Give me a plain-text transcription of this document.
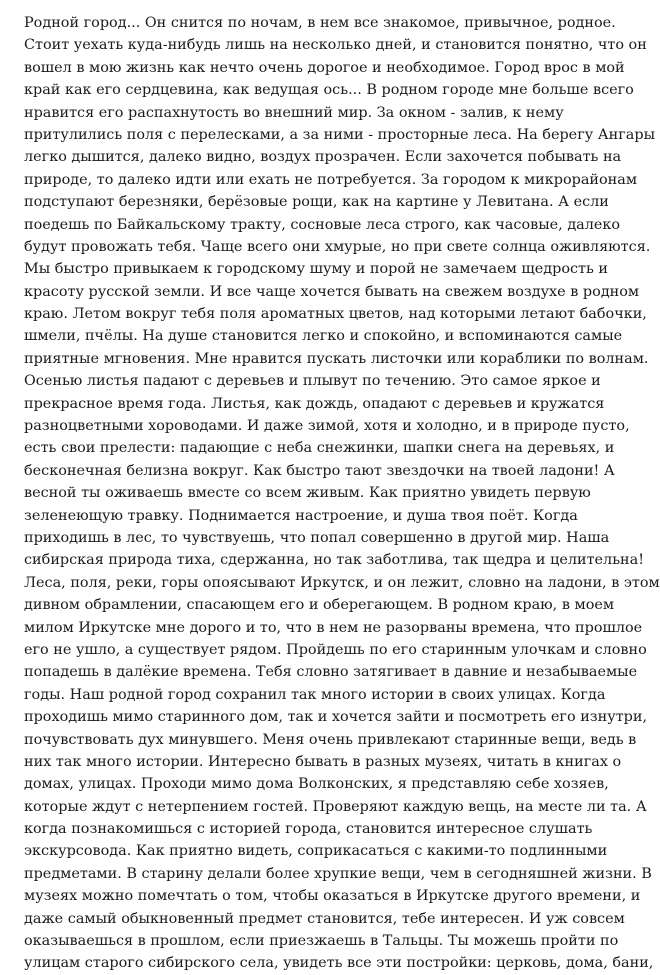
Родной город... Он снится по ночам, в нем все знакомое, привычное, родное.
Стоит уехать куда-нибудь лишь на несколько дней, и становится понятно, что он
вошел в мою жизнь как нечто очень дорогое и необходимое. Город врос в мой
край как его сердцевина, как ведущая ось... В родном городе мне больше всего
нравится его распахнутость во внешний мир. За окном - залив, к нему
притулились поля с перелесками, а за ними - просторные леса. На берегу Ангары
легко дышится, далеко видно, воздух прозрачен. Если захочется побывать на
природе, то далеко идти или ехать не потребуется. За городом к микрорайонам
подступают березняки, берёзовые рощи, как на картине у Левитана. А если
поедешь по Байкальскому тракту, сосновые леса строго, как часовые, далеко
будут провожать тебя. Чаще всего они хмурые, но при свете солнца оживляются.
Мы быстро привыкаем к городскому шуму и порой не замечаем щедрость и
красоту русской земли. И все чаще хочется бывать на свежем воздухе в родном
краю. Летом вокруг тебя поля ароматных цветов, над которыми летают бабочки,
шмели, пчёлы. На душе становится легко и спокойно, и вспоминаются самые
приятные мгновения. Мне нравится пускать листочки или кораблики по волнам.
Осенью листья падают с деревьев и плывут по течению. Это самое яркое и
прекрасное время года. Листья, как дождь, опадают с деревьев и кружатся
разноцветными хороводами. И даже зимой, хотя и холодно, и в природе пусто,
есть свои прелести: падающие с неба снежинки, шапки снега на деревьях, и
бесконечная белизна вокруг. Как быстро тают звездочки на твоей ладони! А
весной ты оживаешь вместе со всем живым. Как приятно увидеть первую
зеленеющую травку. Поднимается настроение, и душа твоя поёт. Когда
приходишь в лес, то чувствуешь, что попал совершенно в другой мир. Наша
сибирская природа тиха, сдержанна, но так заботлива, так щедра и целительна!
Леса, поля, реки, горы опоясывают Иркутск, и он лежит, словно на ладони, в этом
дивном обрамлении, спасающем его и оберегающем. В родном краю, в моем
милом Иркутске мне дорого и то, что в нем не разорваны времена, что прошлое
его не ушло, а существует рядом. Пройдешь по его старинным улочкам и словно
попадешь в далёкие времена. Тебя словно затягивает в давние и незабываемые
годы. Наш родной город сохранил так много истории в своих улицах. Когда
проходишь мимо старинного дом, так и хочется зайти и посмотреть его изнутри,
почувствовать дух минувшего. Меня очень привлекают старинные вещи, ведь в
них так много истории. Интересно бывать в разных музеях, читать в книгах о
домах, улицах. Проходи мимо дома Волконских, я представляю себе хозяев,
которые ждут с нетерпением гостей. Проверяют каждую вещь, на месте ли та. А
когда познакомишься с историей города, становится интересное слушать
экскурсовода. Как приятно видеть, соприкасаться с какими-то подлинными
предметами. В старину делали более хрупкие вещи, чем в сегодняшней жизни. В
музеях можно помечтать о том, чтобы оказаться в Иркутске другого времени, и
даже самый обыкновенный предмет становится, тебе интересен. И уж совсем
оказываешься в прошлом, если приезжаешь в Тальцы. Ты можешь пройти по
улицам старого сибирского села, увидеть все эти постройки: церковь, дома, бани,
